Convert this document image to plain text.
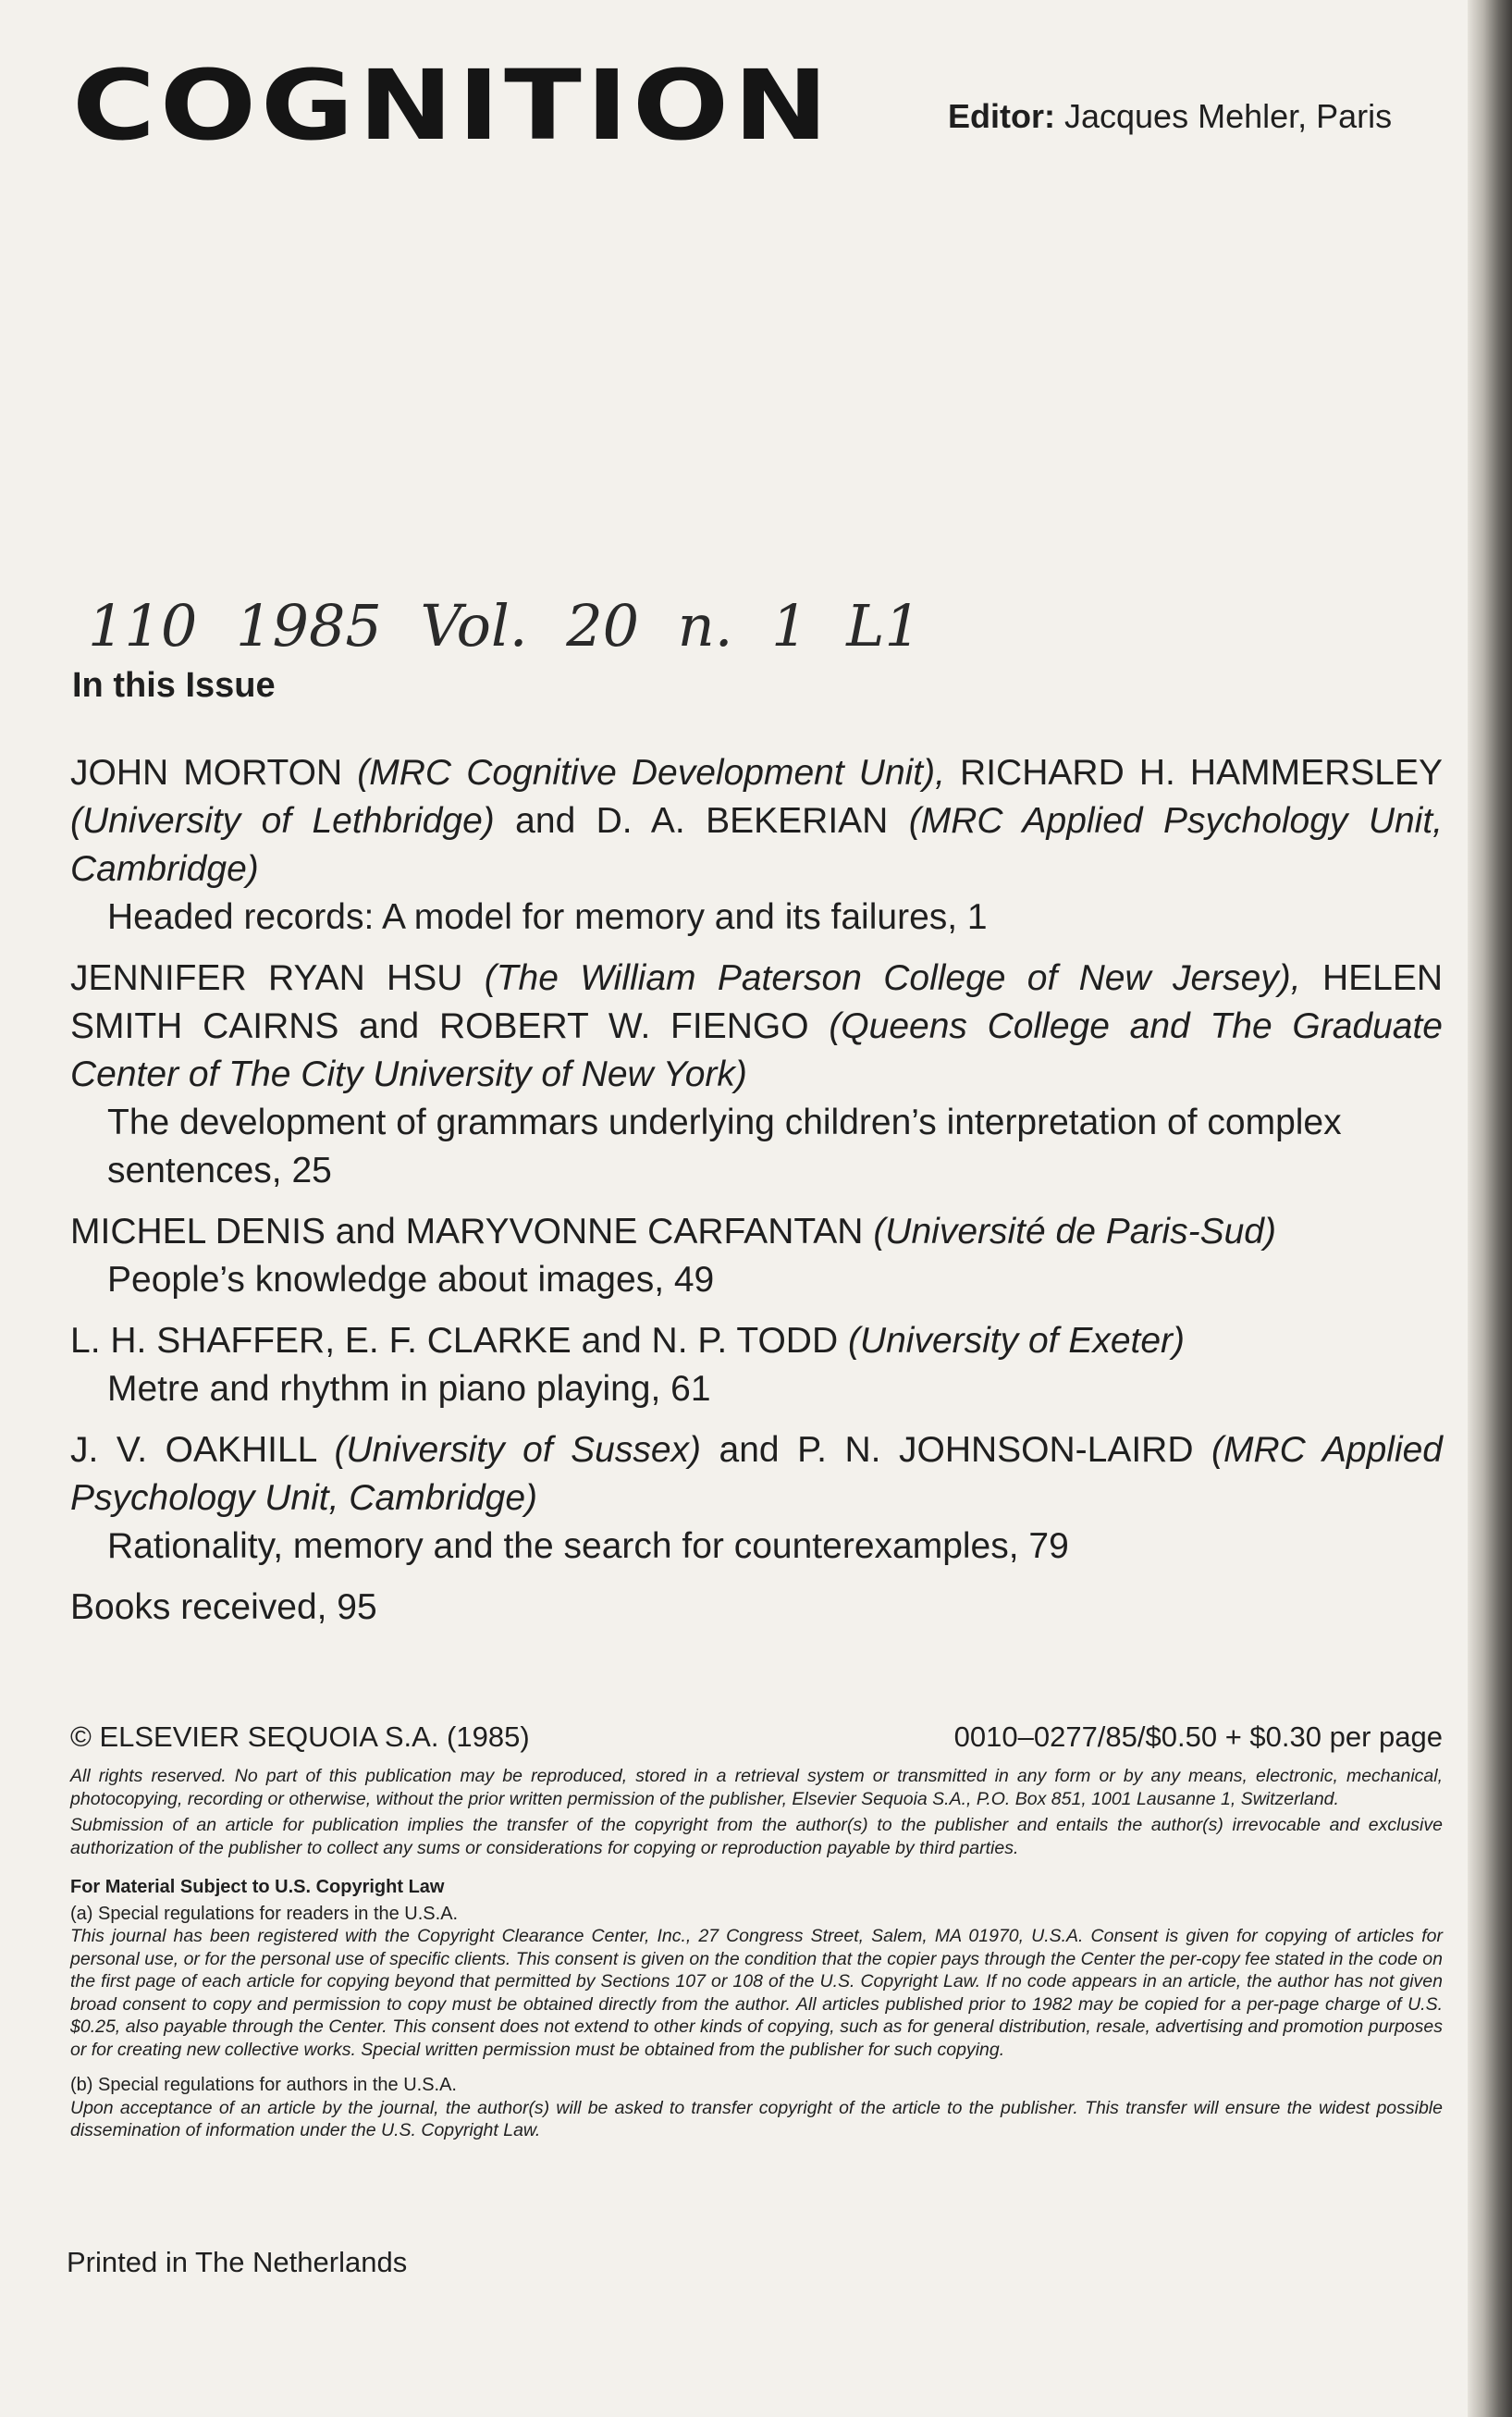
COGNITION	Editor: Jacques Mehler, Paris
110 1985 Vol. 20 n. 1 L1
In this Issue
JOHN MORTON (MRC Cognitive Development Unit), RICHARD H. HAMMERSLEY (University of Lethbridge) and D. A. BEKERIAN (MRC Applied Psychology Unit, Cambridge)
Headed records: A model for memory and its failures, 1
JENNIFER RYAN HSU (The William Paterson College of New Jersey), HELEN SMITH CAIRNS and ROBERT W. FIENGO (Queens College and The Graduate Center of The City University of New York)
The development of grammars underlying children’s interpretation of complex sentences, 25
MICHEL DENIS and MARYVONNE CARFANTAN (Université de Paris-Sud)
People’s knowledge about images, 49
L. H. SHAFFER, E. F. CLARKE and N. P. TODD (University of Exeter)
Metre and rhythm in piano playing, 61
J. V. OAKHILL (University of Sussex) and P. N. JOHNSON-LAIRD (MRC Applied Psychology Unit, Cambridge)
Rationality, memory and the search for counterexamples, 79
Books received, 95
© ELSEVIER SEQUOIA S.A. (1985)	0010–0277/85/$0.50 + $0.30 per page

All rights reserved. No part of this publication may be reproduced, stored in a retrieval system or transmitted in any form or by any means, electronic, mechanical, photocopying, recording or otherwise, without the prior written permission of the publisher, Elsevier Sequoia S.A., P.O. Box 851, 1001 Lausanne 1, Switzerland.

Submission of an article for publication implies the transfer of the copyright from the author(s) to the publisher and entails the author(s) irrevocable and exclusive authorization of the publisher to collect any sums or considerations for copying or reproduction payable by third parties.

For Material Subject to U.S. Copyright Law

(a) Special regulations for readers in the U.S.A.

This journal has been registered with the Copyright Clearance Center, Inc., 27 Congress Street, Salem, MA 01970, U.S.A. Consent is given for copying of articles for personal use, or for the personal use of specific clients. This consent is given on the condition that the copier pays through the Center the per-copy fee stated in the code on the first page of each article for copying beyond that permitted by Sections 107 or 108 of the U.S. Copyright Law. If no code appears in an article, the author has not given broad consent to copy and permission to copy must be obtained directly from the author. All articles published prior to 1982 may be copied for a per-page charge of U.S. $0.25, also payable through the Center. This consent does not extend to other kinds of copying, such as for general distribution, resale, advertising and promotion purposes or for creating new collective works. Special written permission must be obtained from the publisher for such copying.

(b) Special regulations for authors in the U.S.A.

Upon acceptance of an article by the journal, the author(s) will be asked to transfer copyright of the article to the publisher. This transfer will ensure the widest possible dissemination of information under the U.S. Copyright Law.

Printed in The Netherlands
